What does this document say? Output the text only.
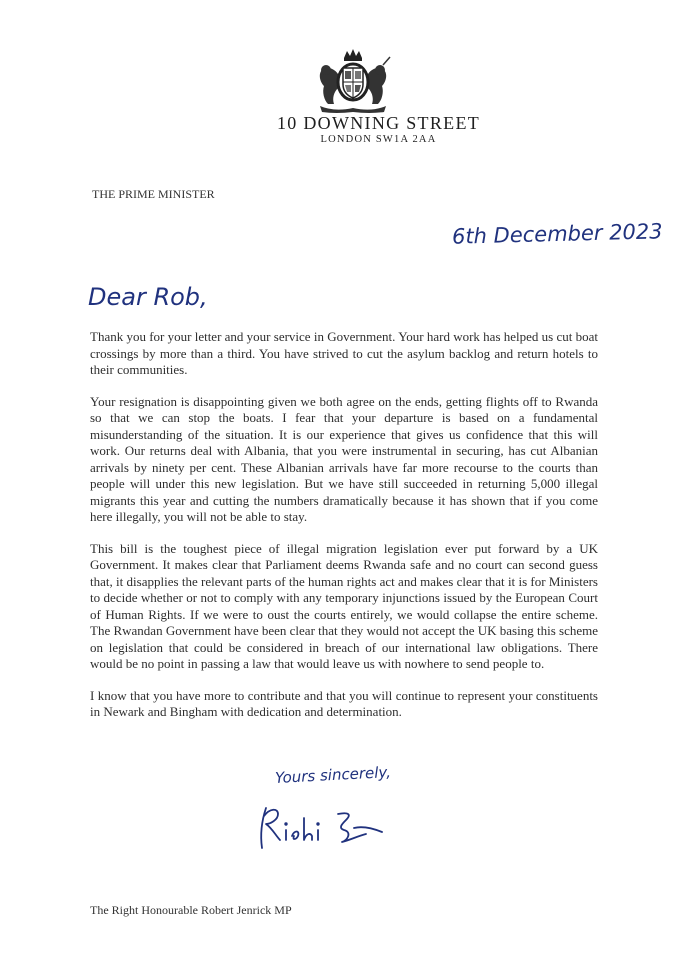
10 DOWNING STREET
LONDON SW1A 2AA
THE PRIME MINISTER
6th December 2023
Dear Rob,

Thank you for your letter and your service in Government. Your hard work has helped us cut boat crossings by more than a third. You have strived to cut the asylum backlog and return hotels to their communities.

Your resignation is disappointing given we both agree on the ends, getting flights off to Rwanda so that we can stop the boats. I fear that your departure is based on a fundamental misunderstanding of the situation. It is our experience that gives us confidence that this will work. Our returns deal with Albania, that you were instrumental in securing, has cut Albanian arrivals by ninety per cent. These Albanian arrivals have far more recourse to the courts than people will under this new legislation. But we have still succeeded in returning 5,000 illegal migrants this year and cutting the numbers dramatically because it has shown that if you come here illegally, you will not be able to stay.

This bill is the toughest piece of illegal migration legislation ever put forward by a UK Government. It makes clear that Parliament deems Rwanda safe and no court can second guess that, it disapplies the relevant parts of the human rights act and makes clear that it is for Ministers to decide whether or not to comply with any temporary injunctions issued by the European Court of Human Rights. If we were to oust the courts entirely, we would collapse the entire scheme. The Rwandan Government have been clear that they would not accept the UK basing this scheme on legislation that could be considered in breach of our international law obligations. There would be no point in passing a law that would leave us with nowhere to send people to.

I know that you have more to contribute and that you will continue to represent your constituents in Newark and Bingham with dedication and determination.

Yours sincerely,
The Right Honourable Robert Jenrick MP
